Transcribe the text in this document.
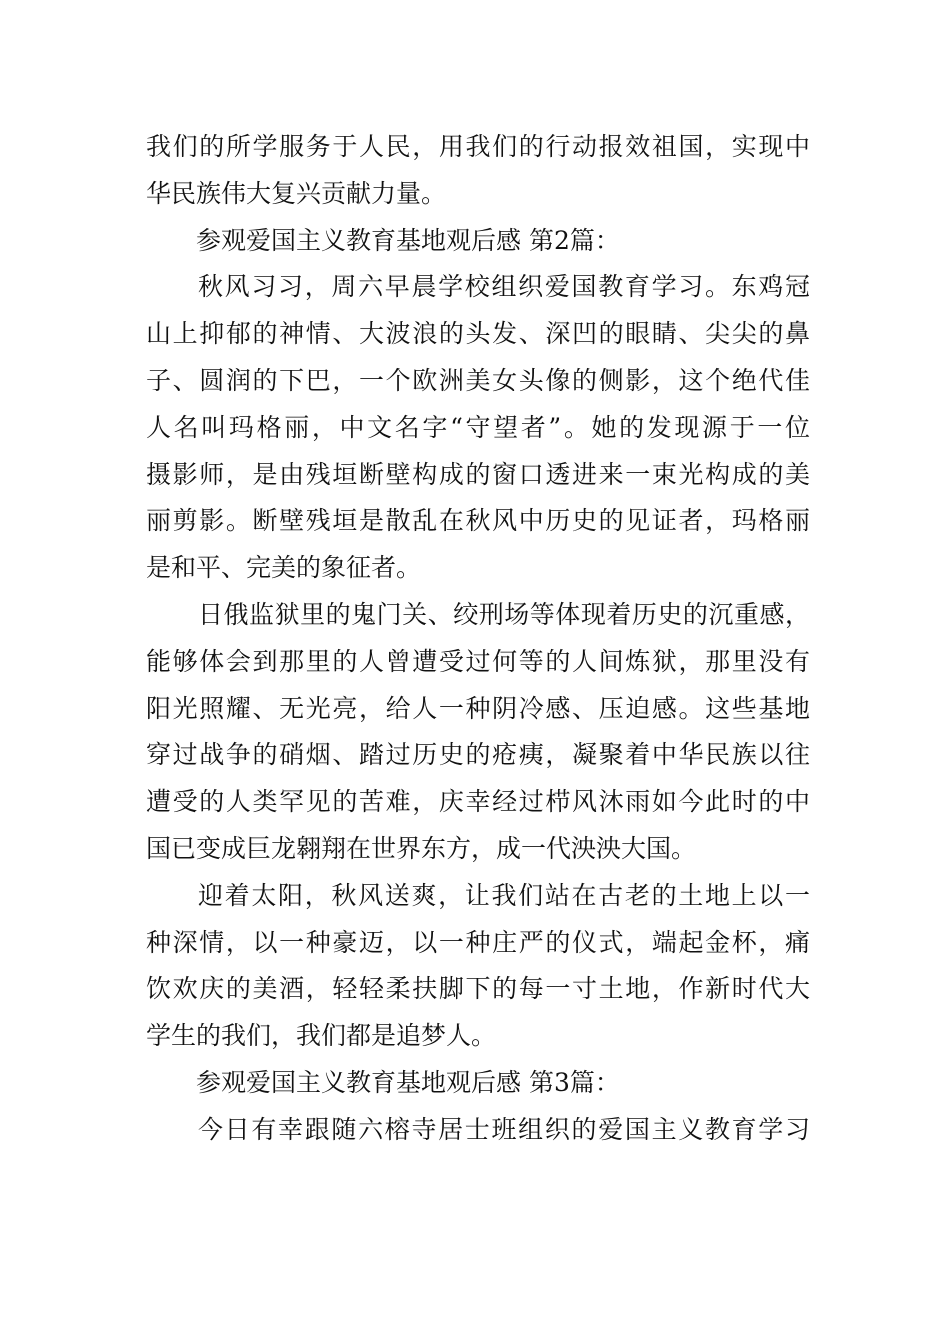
我们的所学服务于人民，用我们的行动报效祖国，实现中
华民族伟大复兴贡献力量。
参观爱国主义教育基地观后感 第2篇：
秋风习习，周六早晨学校组织爱国教育学习。东鸡冠
山上抑郁的神情、大波浪的头发、深凹的眼睛、尖尖的鼻
子、圆润的下巴，一个欧洲美女头像的侧影，这个绝代佳
人名叫玛格丽，中文名字“守望者”。她的发现源于一位
摄影师，是由残垣断壁构成的窗口透进来一束光构成的美
丽剪影。断壁残垣是散乱在秋风中历史的见证者，玛格丽
是和平、完美的象征者。
日俄监狱里的鬼门关、绞刑场等体现着历史的沉重感，
能够体会到那里的人曾遭受过何等的人间炼狱，那里没有
阳光照耀、无光亮，给人一种阴冷感、压迫感。这些基地
穿过战争的硝烟、踏过历史的疮痍，凝聚着中华民族以往
遭受的人类罕见的苦难，庆幸经过栉风沐雨如今此时的中
国已变成巨龙翱翔在世界东方，成一代泱泱大国。
迎着太阳，秋风送爽，让我们站在古老的土地上以一
种深情，以一种豪迈，以一种庄严的仪式，端起金杯，痛
饮欢庆的美酒，轻轻柔扶脚下的每一寸土地，作新时代大
学生的我们，我们都是追梦人。
参观爱国主义教育基地观后感 第3篇：
今日有幸跟随六榕寺居士班组织的爱国主义教育学习
